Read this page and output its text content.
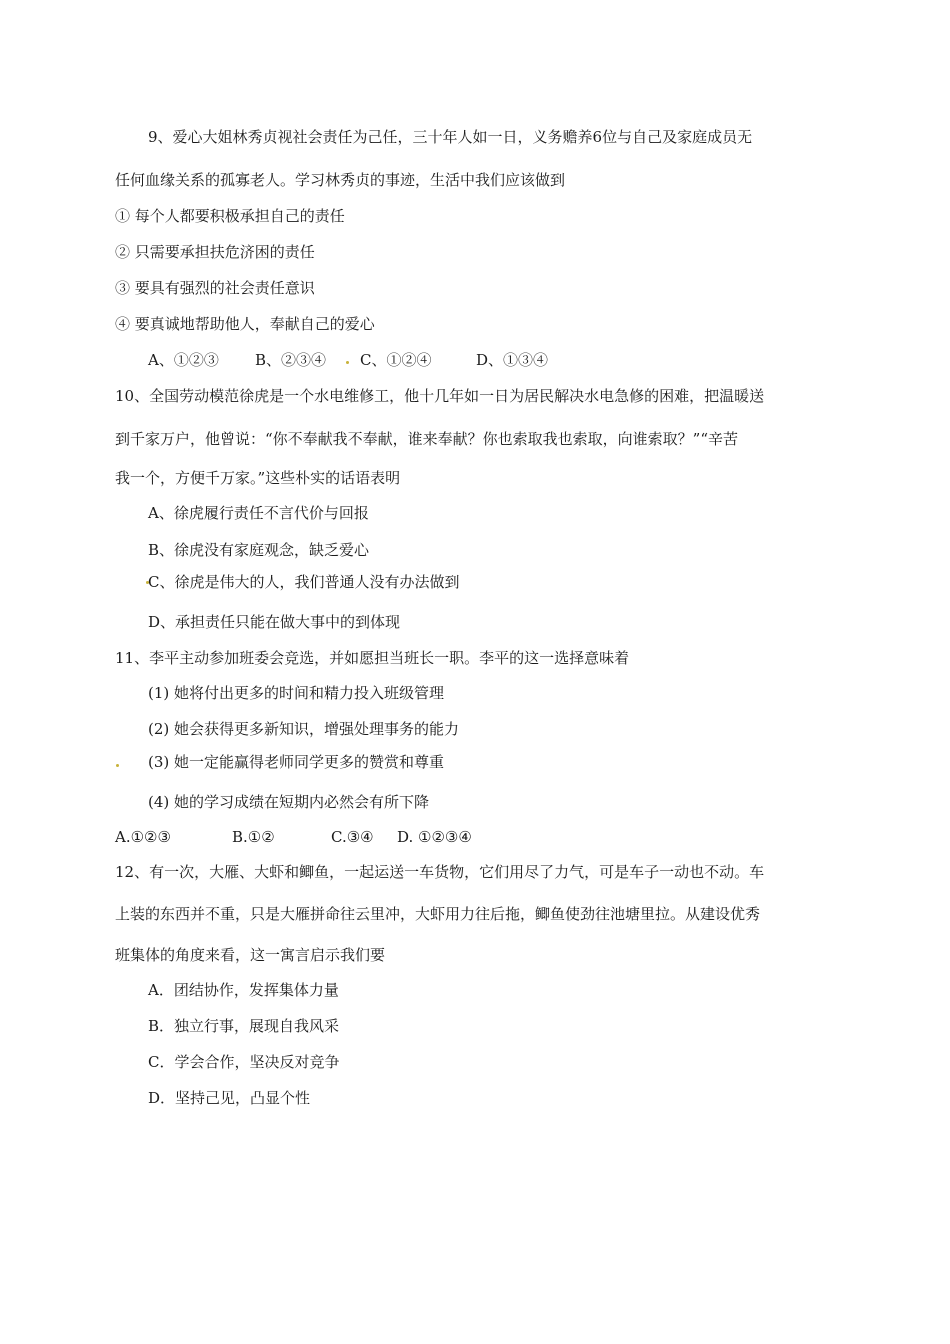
9、爱心大姐林秀贞视社会责任为己任，三十年人如一日，义务赡养6位与自己及家庭成员无
任何血缘关系的孤寡老人。学习林秀贞的事迹，生活中我们应该做到
① 每个人都要积极承担自己的责任
② 只需要承担扶危济困的责任
③ 要具有强烈的社会责任意识
④ 要真诚地帮助他人，奉献自己的爱心
A、①②③ B、②③④ C、①②④	D、①③④
10、全国劳动模范徐虎是一个水电维修工，他十几年如一日为居民解决水电急修的困难，把温暖送
到千家万户，他曾说：“你不奉献我不奉献，谁来奉献？你也索取我也索取，向谁索取？”“辛苦
我一个，方便千万家。”这些朴实的话语表明
A、徐虎履行责任不言代价与回报
B、徐虎没有家庭观念，缺乏爱心
C、徐虎是伟大的人，我们普通人没有办法做到
D、承担责任只能在做大事中的到体现
11、李平主动参加班委会竞选，并如愿担当班长一职。李平的这一选择意味着
(1) 她将付出更多的时间和精力投入班级管理
(2) 她会获得更多新知识，增强处理事务的能力
(3) 她一定能赢得老师同学更多的赞赏和尊重
(4) 她的学习成绩在短期内必然会有所下降
A.①②③	B.①②	C.③④ D. ①②③④
12、有一次，大雁、大虾和鲫鱼，一起运送一车货物，它们用尽了力气，可是车子一动也不动。车
上装的东西并不重，只是大雁拼命往云里冲，大虾用力往后拖，鲫鱼使劲往池塘里拉。从建设优秀
班集体的角度来看，这一寓言启示我们要
A．团结协作，发挥集体力量
B．独立行事，展现自我风采
C．学会合作，坚决反对竞争
D．坚持己见，凸显个性
